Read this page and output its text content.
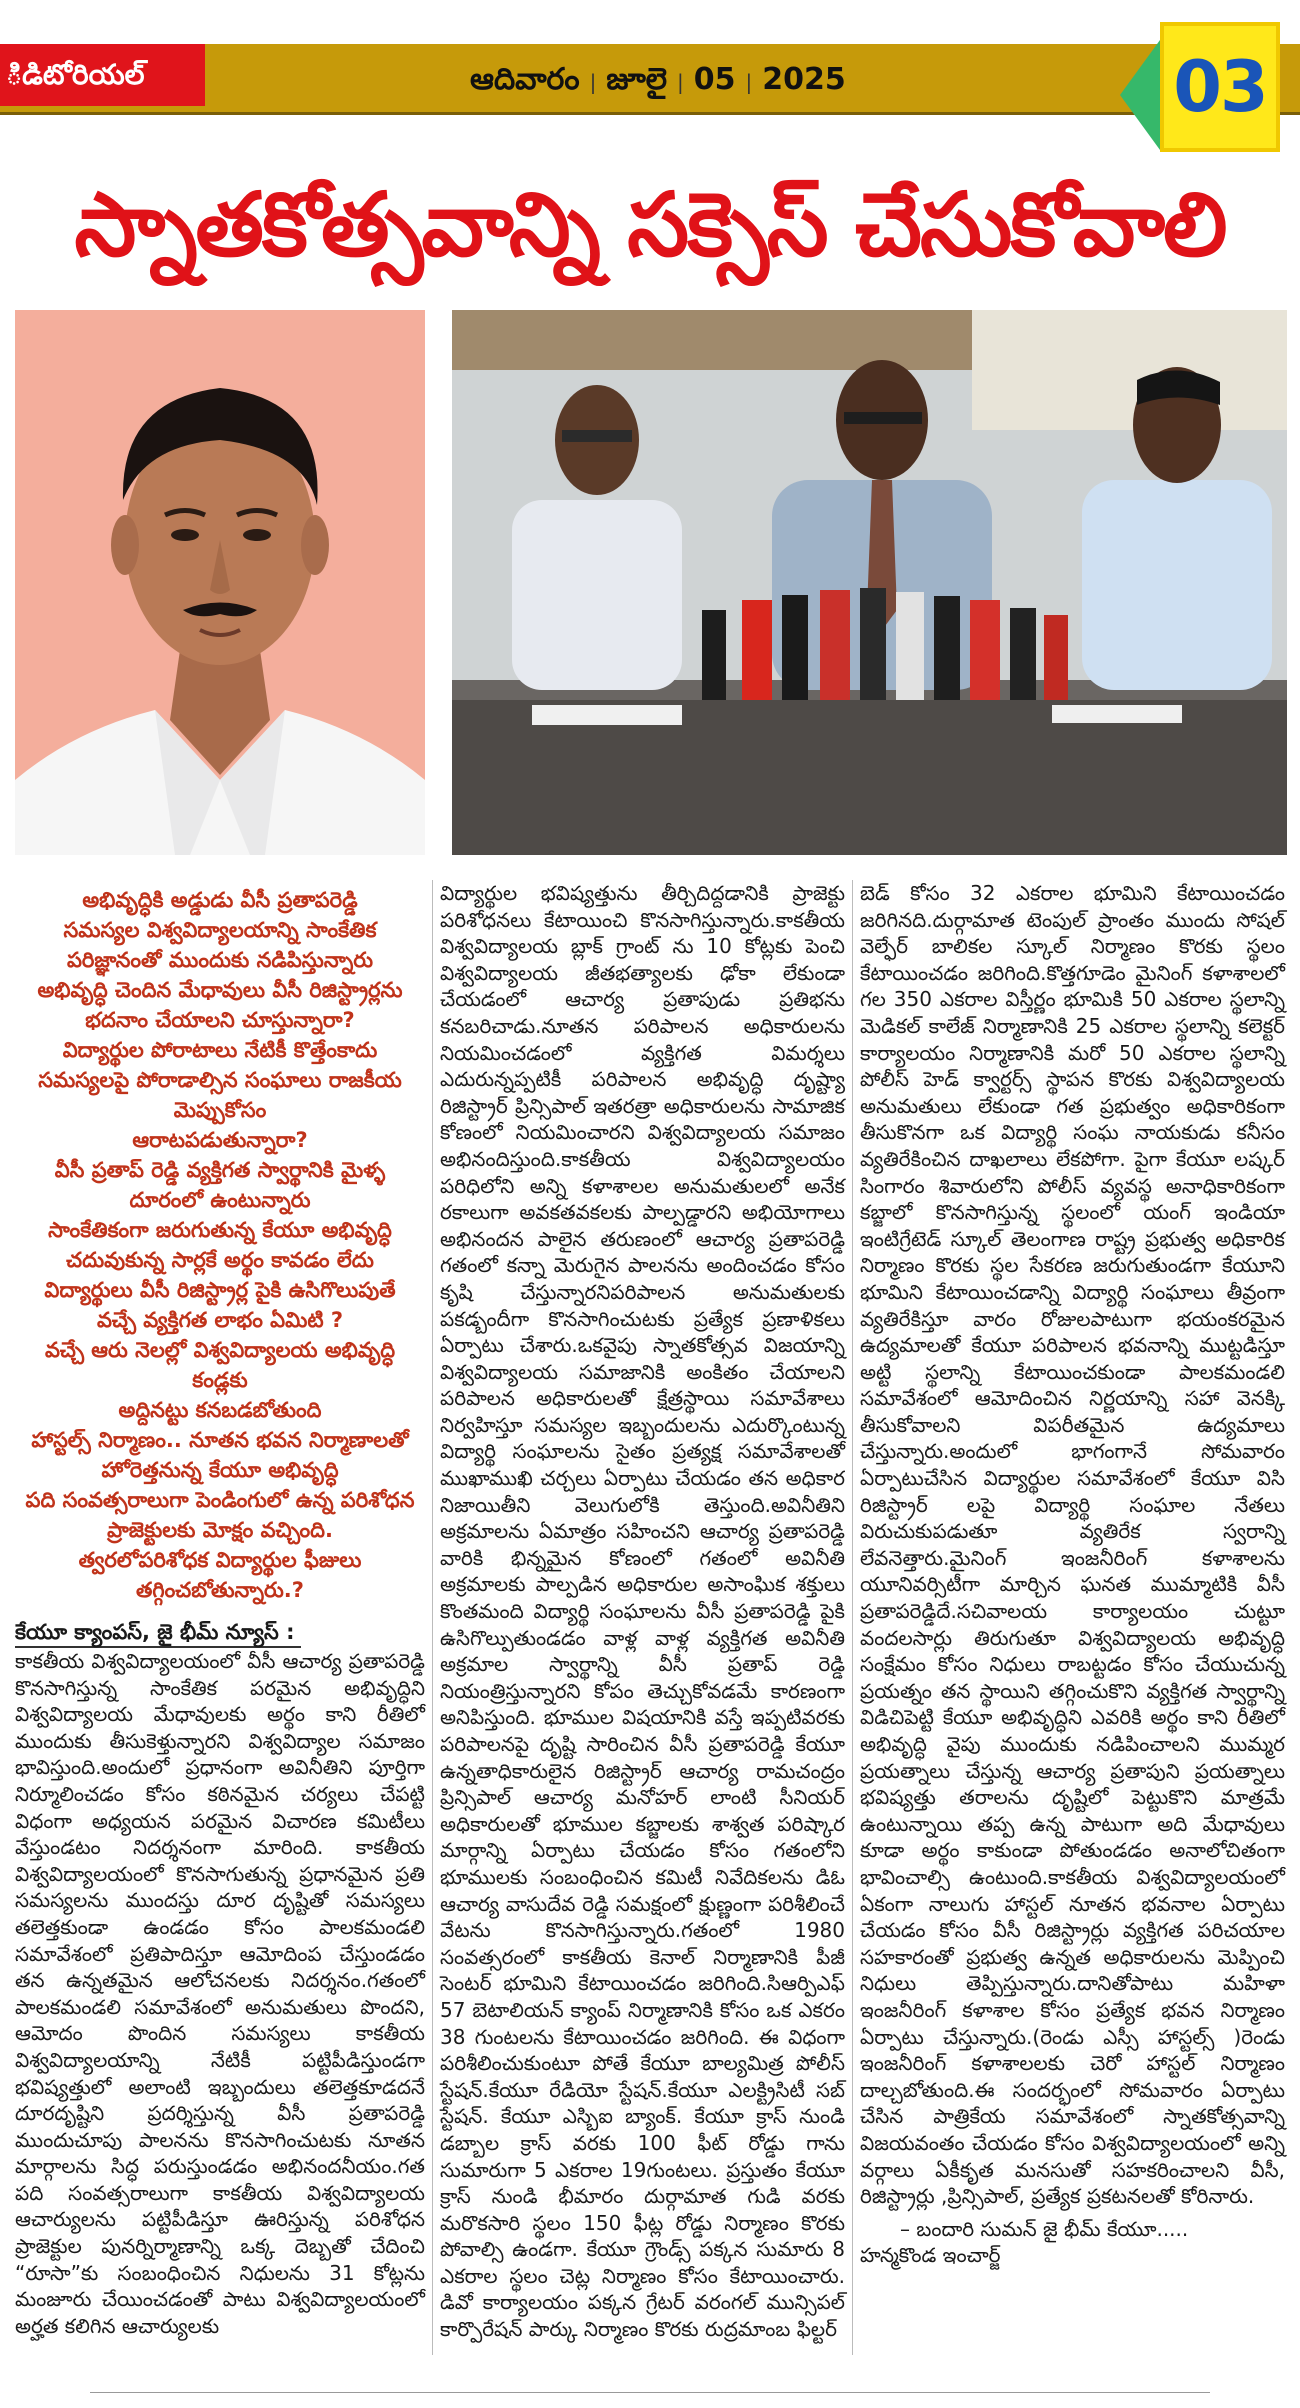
ిడిటోరియల్	ఆదివారం | జూలై | 05 | 2025	03
స్నాతకోత్సవాన్ని సక్సెస్ చేసుకోవాలి

అభివృద్ధికి అడ్డుడు వీసీ ప్రతాపరెడ్డి

సమస్యల విశ్వవిద్యాలయాన్ని సాంకేతిక

పరిజ్ఞానంతో ముందుకు నడిపిస్తున్నారు

అభివృద్ధి చెందిన మేధావులు వీసీ రిజిస్ట్రార్లను

భదనాం చేయాలని చూస్తున్నారా?

విద్యార్థుల పోరాటాలు నేటికీ కొత్తేంకాదు

సమస్యలపై పోరాడాల్సిన సంఘాలు రాజకీయ

మెప్పుకోసం

ఆరాటపడుతున్నారా?

వీసీ ప్రతాప్ రెడ్డి వ్యక్తిగత స్వార్థానికి మైళ్ళ

దూరంలో ఉంటున్నారు

సాంకేతికంగా జరుగుతున్న కేయూ అభివృద్ధి

చదువుకున్న సార్లకే అర్థం కావడం లేదు

విద్యార్థులు వీసీ రిజిస్ట్రార్ల పైకి ఉసిగొలుపుతే

వచ్చే వ్యక్తిగత లాభం ఏమిటి ?

వచ్చే ఆరు నెలల్లో విశ్వవిద్యాలయ అభివృద్ధి కండ్లకు

అద్దినట్టు కనబడబోతుంది

హాస్టల్స్ నిర్మాణం.. నూతన భవన నిర్మాణాలతో

హోరెత్తనున్న కేయూ అభివృద్ధి

పది సంవత్సరాలుగా పెండింగులో ఉన్న పరిశోధన

ప్రాజెక్టులకు మోక్షం వచ్చింది.

త్వరలోపరిశోధక విద్యార్థుల ఫీజులు

తగ్గించబోతున్నారు.?

కేయూ క్యాంపస్, జై భీమ్ న్యూస్ :

కాకతీయ విశ్వవిద్యాలయంలో వీసీ ఆచార్య ప్రతాపరెడ్డి కొనసాగిస్తున్న సాంకేతిక పరమైన అభివృద్ధిని విశ్వవిద్యాలయ మేధావులకు అర్థం కాని రీతిలో ముందుకు తీసుకెళ్తున్నారని విశ్వవిద్యాల సమాజం భావిస్తుంది.అందులో ప్రధానంగా అవినీతిని పూర్తిగా నిర్మూలించడం కోసం కఠినమైన చర్యలు చేపట్టి విధంగా అధ్యయన పరమైన విచారణ కమిటీలు వేస్తుండటం నిదర్శనంగా మారింది. కాకతీయ విశ్వవిద్యాలయంలో కొనసాగుతున్న ప్రధానమైన ప్రతి సమస్యలను ముందస్తు దూర దృష్టితో సమస్యలు తలెత్తకుండా ఉండడం కోసం పాలకమండలి సమావేశంలో ప్రతిపాదిస్తూ ఆమోదింప చేస్తుండడం తన ఉన్నతమైన ఆలోచనలకు నిదర్శనం.గతంలో పాలకమండలి సమావేశంలో అనుమతులు పొందని, ఆమోదం పొందిన సమస్యలు కాకతీయ విశ్వవిద్యాలయాన్ని నేటికీ పట్టిపీడిస్తుండగా భవిష్యత్తులో అలాంటి ఇబ్బందులు తలెత్తకూడదనే దూరదృష్టిని ప్రదర్శిస్తున్న వీసీ ప్రతాపరెడ్డి ముందుచూపు పాలనను కొనసాగించుటకు నూతన మార్గాలను సిద్ధ పరుస్తుండడం అభినందనీయం.గత పది సంవత్సరాలుగా కాకతీయ విశ్వవిద్యాలయ ఆచార్యులను పట్టిపీడిస్తూ ఊరిస్తున్న పరిశోధన ప్రాజెక్టుల పునర్నిర్మాణాన్ని ఒక్క దెబ్బతో చేదించి “రూసా”కు సంబంధించిన నిధులను 31 కోట్లను మంజూరు చేయించడంతో పాటు విశ్వవిద్యాలయంలో అర్హత కలిగిన ఆచార్యులకు

విద్యార్థుల భవిష్యత్తును తీర్చిదిద్దడానికి ప్రాజెక్టు పరిశోధనలు కేటాయించి కొనసాగిస్తున్నారు.కాకతీయ విశ్వవిద్యాలయ బ్లాక్ గ్రాంట్ ను 10 కోట్లకు పెంచి విశ్వవిద్యాలయ జీతభత్యాలకు ఢోకా లేకుండా చేయడంలో ఆచార్య ప్రతాపుడు ప్రతిభను కనబరిచాడు.నూతన పరిపాలన అధికారులను నియమించడంలో వ్యక్తిగత విమర్శలు ఎదురున్నప్పటికీ పరిపాలన అభివృద్ధి దృష్ట్యా రిజిస్ట్రార్ ప్రిన్సిపాల్ ఇతరత్రా అధికారులను సామాజిక కోణంలో నియమించారని విశ్వవిద్యాలయ సమాజం అభినందిస్తుంది.కాకతీయ విశ్వవిద్యాలయం పరిధిలోని అన్ని కళాశాలల అనుమతులలో అనేక రకాలుగా అవకతవకలకు పాల్పడ్డారని అభియోగాలు అభినందన పాలైన తరుణంలో ఆచార్య ప్రతాపరెడ్డి గతంలో కన్నా మెరుగైన పాలనను అందించడం కోసం కృషి చేస్తున్నారనిపరిపాలన అనుమతులకు పకడ్బందీగా కొనసాగించుటకు ప్రత్యేక ప్రణాళికలు ఏర్పాటు చేశారు.ఒకవైపు స్నాతకోత్సవ విజయాన్ని విశ్వవిద్యాలయ సమాజానికి అంకితం చేయాలని పరిపాలన అధికారులతో క్షేత్రస్థాయి సమావేశాలు నిర్వహిస్తూ సమస్యల ఇబ్బందులను ఎదుర్కొంటున్న విద్యార్థి సంఘాలను సైతం ప్రత్యక్ష సమావేశాలతో ముఖాముఖి చర్చలు ఏర్పాటు చేయడం తన అధికార నిజాయితీని వెలుగులోకి తెస్తుంది.అవినీతిని అక్రమాలను ఏమాత్రం సహించని ఆచార్య ప్రతాపరెడ్డి వారికి భిన్నమైన కోణంలో గతంలో అవినీతి అక్రమాలకు పాల్పడిన అధికారుల అసాంఘిక శక్తులు కొంతమంది విద్యార్థి సంఘాలను వీసీ ప్రతాపరెడ్డి పైకి ఉసిగొల్పుతుండడం వాళ్ల వాళ్ల వ్యక్తిగత అవినీతి అక్రమాల స్వార్థాన్ని వీసీ ప్రతాప్ రెడ్డి నియంత్రిస్తున్నారని కోపం తెచ్చుకోవడమే కారణంగా అనిపిస్తుంది. భూముల విషయానికి వస్తే ఇప్పటివరకు పరిపాలనపై దృష్టి సారించిన వీసీ ప్రతాపరెడ్డి కేయూ ఉన్నతాధికారులైన రిజిస్ట్రార్ ఆచార్య రామచంద్రం ప్రిన్సిపాల్ ఆచార్య మనోహర్ లాంటి సీనియర్ అధికారులతో భూముల కబ్జాలకు శాశ్వత పరిష్కార మార్గాన్ని ఏర్పాటు చేయడం కోసం గతంలోని భూములకు సంబంధించిన కమిటీ నివేదికలను డిఓ ఆచార్య వాసుదేవ రెడ్డి సమక్షంలో క్షుణ్ణంగా పరిశీలించే వేటను కొనసాగిస్తున్నారు.గతంలో 1980 సంవత్సరంలో కాకతీయ కెనాల్ నిర్మాణానికి పీజీ సెంటర్ భూమిని కేటాయించడం జరిగింది.సిఆర్పిఎఫ్ 57 బెటాలియన్ క్యాంప్ నిర్మాణానికి కోసం ఒక ఎకరం 38 గుంటలను కేటాయించడం జరిగింది. ఈ విధంగా పరిశీలించుకుంటూ పోతే కేయూ బాల్యమిత్ర పోలీస్ స్టేషన్.కేయూ రేడియో స్టేషన్.కేయూ ఎలక్ట్రిసిటీ సబ్ స్టేషన్. కేయూ ఎస్బిఐ బ్యాంక్. కేయూ క్రాస్ నుండి డబ్బాల క్రాస్ వరకు 100 ఫీట్ రోడ్డు గాను సుమారుగా 5 ఎకరాల 19గుంటలు. ప్రస్తుతం కేయూ క్రాస్ నుండి భీమారం దుర్గామాత గుడి వరకు మరొకసారి స్థలం 150 ఫీట్ల రోడ్డు నిర్మాణం కొరకు పోవాల్సి ఉండగా. కేయూ గ్రౌండ్స్ పక్కన సుమారు 8 ఎకరాల స్థలం చెట్ల నిర్మాణం కోసం కేటాయించారు. డివో కార్యాలయం పక్కన గ్రేటర్ వరంగల్ మున్సిపల్ కార్పొరేషన్ పార్కు నిర్మాణం కొరకు రుద్రమాంబ ఫిల్టర్

బెడ్ కోసం 32 ఎకరాల భూమిని కేటాయించడం జరిగినది.దుర్గామాత టెంపుల్ ప్రాంతం ముందు సోషల్ వెల్ఫేర్ బాలికల స్కూల్ నిర్మాణం కొరకు స్థలం కేటాయించడం జరిగింది.కొత్తగూడెం మైనింగ్ కళాశాలలో గల 350 ఎకరాల విస్తీర్ణం భూమికి 50 ఎకరాల స్థలాన్ని మెడికల్ కాలేజ్ నిర్మాణానికి 25 ఎకరాల స్థలాన్ని కలెక్టర్ కార్యాలయం నిర్మాణానికి మరో 50 ఎకరాల స్థలాన్ని పోలీస్ హెడ్ క్వార్టర్స్ స్థాపన కొరకు విశ్వవిద్యాలయ అనుమతులు లేకుండా గత ప్రభుత్వం అధికారికంగా తీసుకొనగా ఒక విద్యార్థి సంఘ నాయకుడు కనీసం వ్యతిరేకించిన దాఖలాలు లేకపోగా. పైగా కేయూ లష్కర్ సింగారం శివారులోని పోలీస్ వ్యవస్థ అనాధికారికంగా కబ్జాలో కొనసాగిస్తున్న స్థలంలో యంగ్ ఇండియా ఇంటిగ్రేటెడ్ స్కూల్ తెలంగాణ రాష్ట్ర ప్రభుత్వ అధికారిక నిర్మాణం కొరకు స్థల సేకరణ జరుగుతుండగా కేయూని భూమిని కేటాయించడాన్ని విద్యార్థి సంఘాలు తీవ్రంగా వ్యతిరేకిస్తూ వారం రోజులపాటుగా భయంకరమైన ఉద్యమాలతో కేయూ పరిపాలన భవనాన్ని ముట్టడిస్తూ అట్టి స్థలాన్ని కేటాయించకుండా పాలకమండలి సమావేశంలో ఆమోదించిన నిర్ణయాన్ని సహా వెనక్కి తీసుకోవాలని విపరీతమైన ఉద్యమాలు చేస్తున్నారు.అందులో భాగంగానే సోమవారం ఏర్పాటుచేసిన విద్యార్థుల సమావేశంలో కేయూ విసి రిజిస్ట్రార్ లపై విద్యార్థి సంఘాల నేతలు విరుచుకుపడుతూ వ్యతిరేక స్వరాన్ని లేవనెత్తారు.మైనింగ్ ఇంజనీరింగ్ కళాశాలను యూనివర్సిటీగా మార్చిన ఘనత ముమ్మాటికి వీసీ ప్రతాపరెడ్డిదే.సచివాలయ కార్యాలయం చుట్టూ వందలసార్లు తిరుగుతూ విశ్వవిద్యాలయ అభివృద్ధి సంక్షేమం కోసం నిధులు రాబట్టడం కోసం చేయుచున్న ప్రయత్నం తన స్థాయిని తగ్గించుకొని వ్యక్తిగత స్వార్థాన్ని విడిచిపెట్టి కేయూ అభివృద్ధిని ఎవరికి అర్థం కాని రీతిలో అభివృద్ధి వైపు ముందుకు నడిపించాలని ముమ్మర ప్రయత్నాలు చేస్తున్న ఆచార్య ప్రతాపుని ప్రయత్నాలు భవిష్యత్తు తరాలను దృష్టిలో పెట్టుకొని మాత్రమే ఉంటున్నాయి తప్ప ఉన్న పాటుగా అది మేధావులు కూడా అర్థం కాకుండా పోతుండడం అనాలోచితంగా భావించాల్సి ఉంటుంది.కాకతీయ విశ్వవిద్యాలయంలో ఏకంగా నాలుగు హాస్టల్ నూతన భవనాల ఏర్పాటు చేయడం కోసం వీసీ రిజిస్ట్రార్లు వ్యక్తిగత పరిచయాల సహకారంతో ప్రభుత్వ ఉన్నత అధికారులను మెప్పించి నిధులు తెప్పిస్తున్నారు.దానితోపాటు మహిళా ఇంజనీరింగ్ కళాశాల కోసం ప్రత్యేక భవన నిర్మాణం ఏర్పాటు చేస్తున్నారు.(రెండు ఎస్సీ హాస్టల్స్ )రెండు ఇంజనీరింగ్ కళాశాలలకు చెరో హాస్టల్ నిర్మాణం దాల్చబోతుంది.ఈ సందర్భంలో సోమవారం ఏర్పాటు చేసిన పాత్రికేయ సమావేశంలో స్నాతకోత్సవాన్ని విజయవంతం చేయడం కోసం విశ్వవిద్యాలయంలో అన్ని వర్గాలు ఏకీకృత మనసుతో సహకరించాలని వీసీ, రిజిస్ట్రార్లు ,ప్రిన్సిపాల్, ప్రత్యేక ప్రకటనలతో కోరినారు.

– బందారి సుమన్ జై భీమ్ కేయూ.....
హన్మకొండ ఇంచార్జ్
